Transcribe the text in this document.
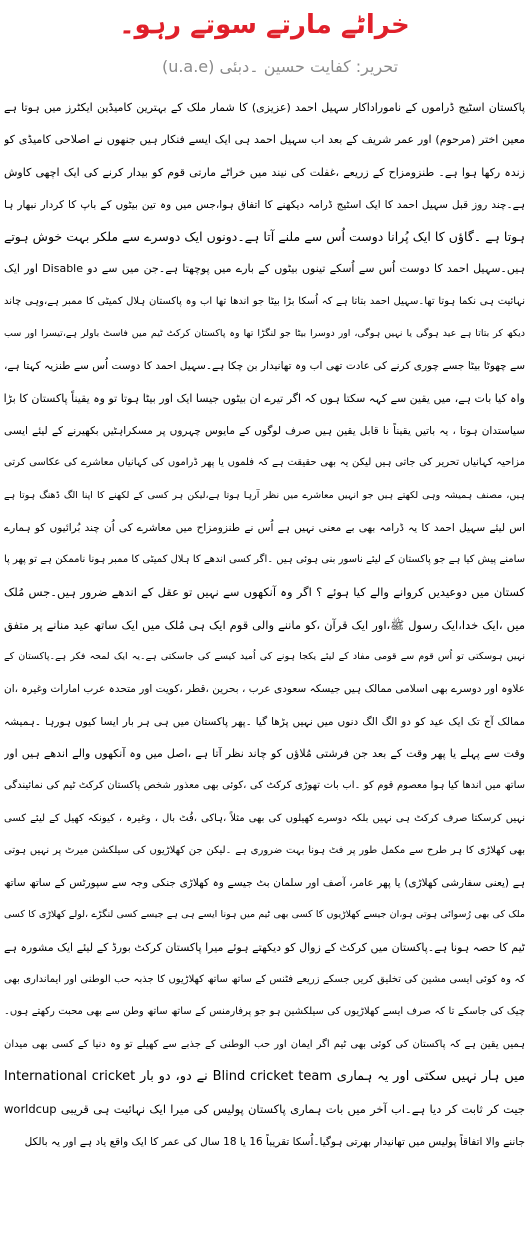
خراٹے مارتے سوتے رہو۔
تحریر: کفایت حسین ۔دبئی (u.a.e)
پاکستان اسٹیج ڈراموں کے ناموراداکار سہیل احمد (عزیزی) کا شمار ملک کے بہترین کامیڈین ایکٹرز میں ہوتا ہے
معین اختر (مرحوم) اور عمر شریف کے بعد اب سہیل احمد ہی ایک ایسے فنکار ہیں جنھوں نے اصلاحی کامیڈی کو
زندہ رکھا ہوا ہے۔ طنزومزاح کے زریعے ،غفلت کی نیند میں خراٹے مارتی قوم کو بیدار کرنے کی ایک اچھی کاوش
ہے۔چند روز قبل سہیل احمد کا ایک اسٹیج ڈرامہ دیکھنے کا اتفاق ہوا،جس میں وہ تین بیٹوں کے باپ کا کردار نبھار ہا
ہوتا ہے ۔گاؤں کا ایک پُرانا دوست اُس سے ملنے آتا ہے۔دونوں ایک دوسرے سے ملکر بہت خوش ہوتے
ہیں۔سہیل احمد کا دوست اُس سے اُسکے تینوں بیٹوں کے بارے میں پوچھتا ہے۔جن میں سے دو Disable اور ایک
نہائیت ہی نکما ہوتا تھا۔سہیل احمد بتاتا ہے کہ اُسکا بڑا بیٹا جو اندھا تھا اب وہ پاکستان ہلال کمیٹی کا ممبر ہے،وہی چاند
دیکھ کر بتاتا ہے عید ہوگی یا نہیں ہوگی، اور دوسرا بیٹا جو لنگڑا تھا وہ پاکستان کرکٹ ٹیم میں فاسٹ باولر ہے،تیسرا اور سب
سے چھوٹا بیٹا جسے چوری کرنے کی عادت تھی اب وہ تھانیدار بن چکا ہے۔سہیل احمد کا دوست اُس سے طنزیہ کہتا ہے،
واہ کیا بات ہے، میں یقین سے کہہ سکتا ہوں کہ اگر تیرے ان بیٹوں جیسا ایک اور بیٹا ہوتا تو وہ یقیناً پاکستان کا بڑا
سیاستدان ہوتا ، یہ باتیں یقیناً نا قابل یقین ہیں صرف لوگوں کے مایوس چہروں پر مسکراہٹیں بکھیرنے کے لیئے ایسی
مزاحیہ کہانیاں تحریر کی جاتی ہیں لیکن یہ بھی حقیقت ہے کہ فلموں یا پھر ڈراموں کی کہانیاں معاشرے کی عکاسی کرتی
ہیں، مصنف ہمیشہ وہی لکھتے ہیں جو انہیں معاشرے میں نظر آرہا ہوتا ہے،لیکن ہر کسی کے لکھنے کا اپنا الگ ڈھنگ ہوتا ہے
اس لیئے سہیل احمد کا یہ ڈرامہ بھی بے معنی نہیں ہے اُس نے طنزومزاح میں معاشرے کی اُن چند بُرائیوں کو ہمارے
سامنے پیش کیا ہے جو پاکستان کے لیئے ناسور بنی ہوئی ہیں ۔اگر کسی اندھے کا ہلال کمیٹی کا ممبر ہونا ناممکن ہے تو پھر پا
کستان میں دوعیدیں کروانے والے کیا ہوئے ؟ اگر وہ آنکھوں سے نہیں تو عقل کے اندھے ضرور ہیں۔جس مُلک
میں ،ایک خدا،ایک رسول ﷺ،اور ایک قرآن ،کو ماننے والی قوم ایک ہی مُلک میں ایک ساتھ عید منانے پر متفق
نہیں ہوسکتی تو اُس قوم سے قومی مفاد کے لیئے یکجا ہونے کی اُمید کیسے کی جاسکتی ہے۔یہ ایک لمحہ فکر ہے۔پاکستان کے
علاوہ اور دوسرے بھی اسلامی ممالک ہیں جیسکہ سعودی عرب ، بحرین ،قطر ،کویت اور متحدہ عرب امارات وغیرہ ،ان
ممالک آج تک ایک عید کو دو الگ الگ دنوں میں نہیں پڑھا گیا ۔پھر پاکستان میں ہی ہر بار ایسا کیوں ہورہا ۔ہمیشہ
وقت سے پہلے یا پھر وقت کے بعد جن فرشتی مُلاؤں کو چاند نظر آتا ہے ،اصل میں وہ آنکھوں والے اندھے ہیں اور
ساتھ میں اندھا کیا ہوا معصوم قوم کو ۔اب بات تھوڑی کرکٹ کی ،کوئی بھی معذور شخص پاکستان کرکٹ ٹیم کی نمائیندگی
نہیں کرسکتا صرف کرکٹ ہی نہیں بلکہ دوسرے کھیلوں کی بھی مثلاً ،ہاکی ،فُٹ بال ، وغیرہ ، کیونکہ کھیل کے لیئے کسی
بھی کھلاڑی کا ہر طرح سے مکمل طور پر فٹ ہونا بہت ضروری ہے ۔لیکن جن کھلاڑیوں کی سیلکشن میرٹ پر نہیں ہوتی
ہے (یعنی سفارشی کھلاڑی) یا پھر عامر، آصف اور سلمان بٹ جیسے وہ کھلاڑی جنکی وجہ سے سپورٹس کے ساتھ ساتھ
ملک کی بھی رُسوائی ہوتی ہو،ان جیسے کھلاڑیوں کا کسی بھی ٹیم میں ہونا ایسے ہی ہے جیسے کسی لنگڑے ،لولے کھلاڑی کا کسی
ٹیم کا حصہ ہونا ہے۔پاکستان میں کرکٹ کے زوال کو دیکھتے ہوئے میرا پاکستان کرکٹ بورڈ کے لیئے ایک مشورہ ہے
کہ وہ کوئی ایسی مشین کی تخلیق کریں جسکے زریعے فٹنس کے ساتھ ساتھ کھلاڑیوں کا جذبہ حب الوطنی اور ایمانداری بھی
چیک کی جاسکے تا کہ صرف ایسے کھلاڑیوں کی سیلکشین ہو جو پرفارمنس کے ساتھ ساتھ وطن سے بھی محبت رکھتے ہوں۔
ہمیں یقین ہے کہ پاکستان کی کوئی بھی ٹیم اگر ایمان اور حب الوطنی کے جذبے سے کھیلے تو وہ دنیا کے کسی بھی میدان
میں ہار نہیں سکتی اور یہ ہماری Blind cricket team نے دو، دو بار International cricket
worldcup جیت کر ثابت کر دیا ہے۔اب آخر میں بات ہماری پاکستان پولیس کی میرا ایک نہائیت ہی قریبی
جاننے والا اتفاقاً پولیس میں تھانیدار بھرتی ہوگیا۔اُسکا تقریباً 16 یا 18 سال کی عمر کا ایک واقع یاد ہے اور یہ بالکل
